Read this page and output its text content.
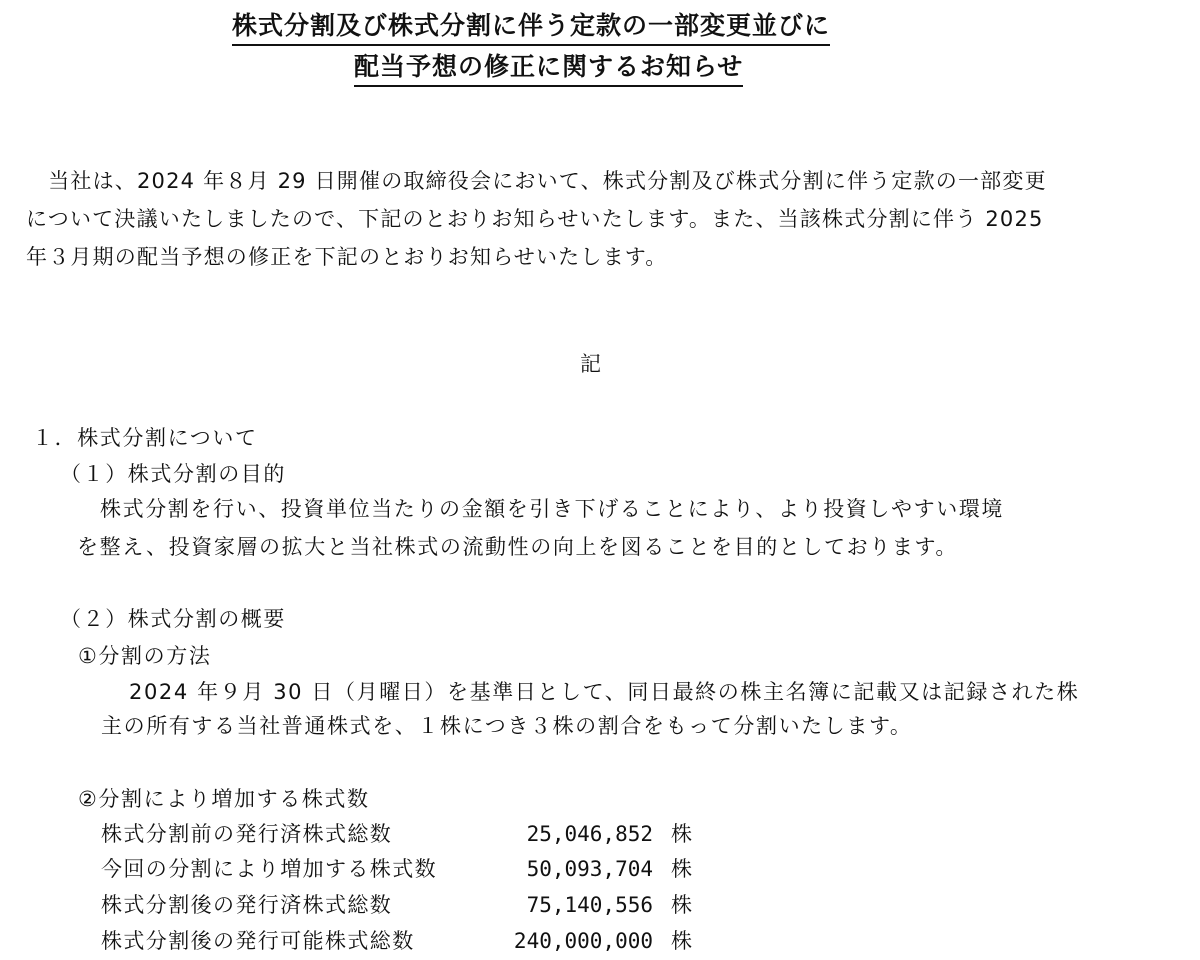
株式分割及び株式分割に伴う定款の一部変更並びに
配当予想の修正に関するお知らせ
　当社は、2024 年８月 29 日開催の取締役会において、株式分割及び株式分割に伴う定款の一部変更
について決議いたしましたので、下記のとおりお知らせいたします。また、当該株式分割に伴う 2025
年３月期の配当予想の修正を下記のとおりお知らせいたします。
記
１．株式分割について
（１）株式分割の目的
株式分割を行い、投資単位当たりの金額を引き下げることにより、より投資しやすい環境
を整え、投資家層の拡大と当社株式の流動性の向上を図ることを目的としております。
（２）株式分割の概要
①分割の方法
2024 年９月 30 日（月曜日）を基準日として、同日最終の株主名簿に記載又は記録された株
主の所有する当社普通株式を、１株につき３株の割合をもって分割いたします。
②分割により増加する株式数
株式分割前の発行済株式総数	25,046,852 株
今回の分割により増加する株式数	50,093,704 株
株式分割後の発行済株式総数	75,140,556 株
株式分割後の発行可能株式総数	240,000,000 株
